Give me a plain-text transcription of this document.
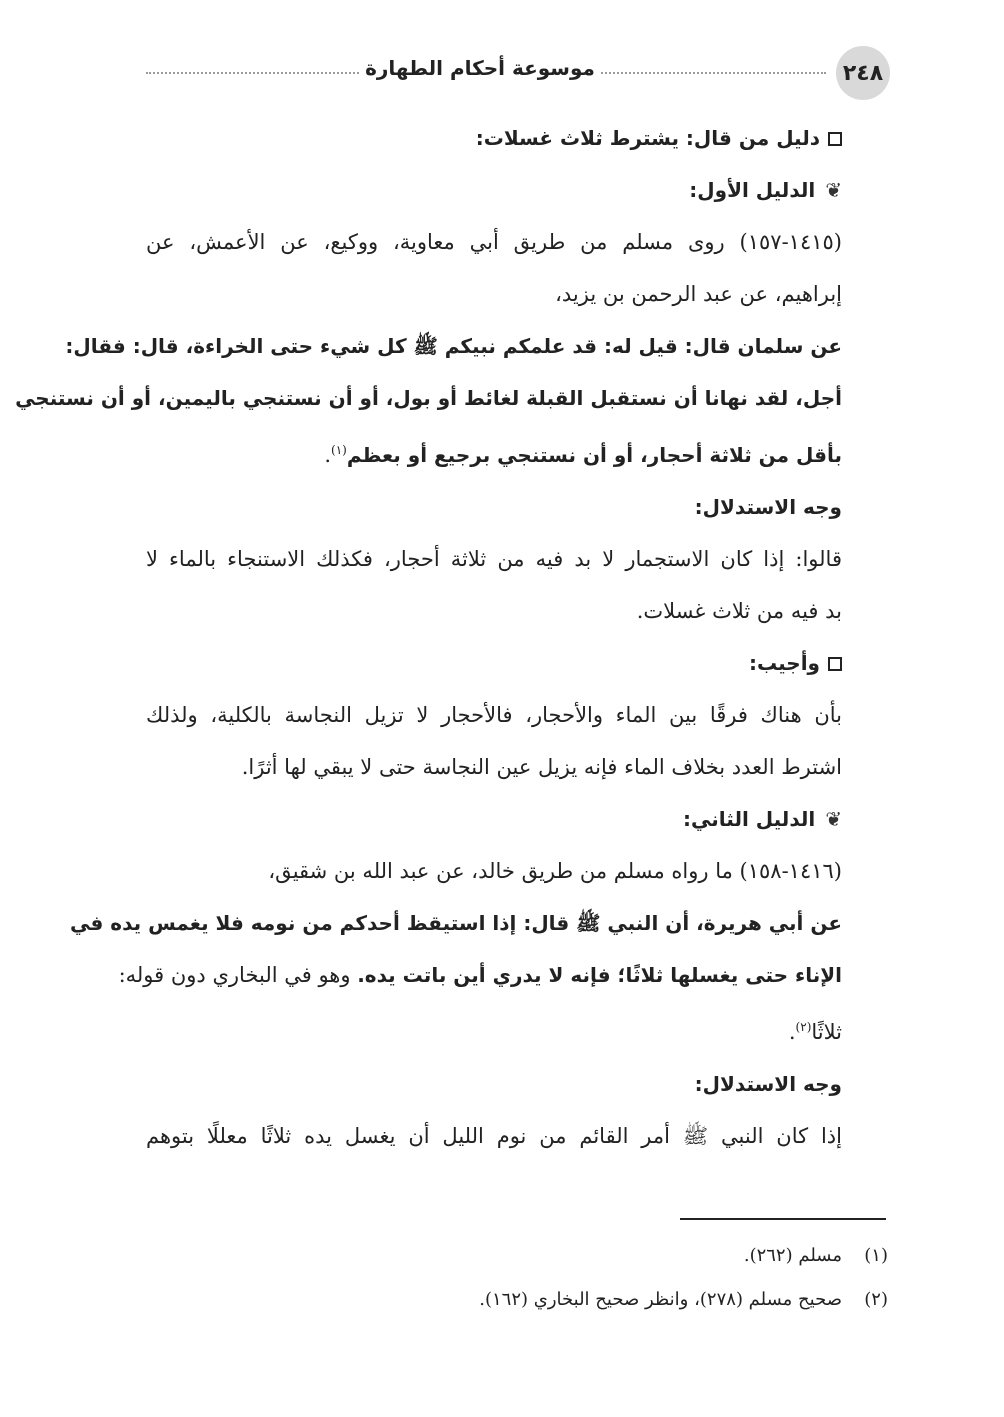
موسوعة أحكام الطهارة	٢٤٨
دليل من قال: يشترط ثلاث غسلات:
❦الدليل الأول:
(١٤١٥-١٥٧) روى مسلم من طريق أبي معاوية، ووكيع، عن الأعمش، عن
إبراهيم، عن عبد الرحمن بن يزيد،
عن سلمان قال: قيل له: قد علمكم نبيكم ﷺ كل شيء حتى الخراءة، قال: فقال:
أجل، لقد نهانا أن نستقبل القبلة لغائط أو بول، أو أن نستنجي باليمين، أو أن نستنجي
بأقل من ثلاثة أحجار، أو أن نستنجي برجيع أو بعظم$^{(١)}$.
وجه الاستدلال:
قالوا: إذا كان الاستجمار لا بد فيه من ثلاثة أحجار، فكذلك الاستنجاء بالماء لا
بد فيه من ثلاث غسلات.
وأجيب:
بأن هناك فرقًا بين الماء والأحجار، فالأحجار لا تزيل النجاسة بالكلية، ولذلك
اشترط العدد بخلاف الماء فإنه يزيل عين النجاسة حتى لا يبقي لها أثرًا.
❦الدليل الثاني:
(١٤١٦-١٥٨) ما رواه مسلم من طريق خالد، عن عبد الله بن شقيق،
عن أبي هريرة، أن النبي ﷺ قال: إذا استيقظ أحدكم من نومه فلا يغمس يده في
الإناء حتى يغسلها ثلاثًا؛ فإنه لا يدري أين باتت يده. وهو في البخاري دون قوله:
ثلاثًا$^{(٢)}$.
وجه الاستدلال:
إذا كان النبي ﷺ أمر القائم من نوم الليل أن يغسل يده ثلاثًا معللًا بتوهم
(١)مسلم (٢٦٢).
(٢)صحيح مسلم (٢٧٨)، وانظر صحيح البخاري (١٦٢).
